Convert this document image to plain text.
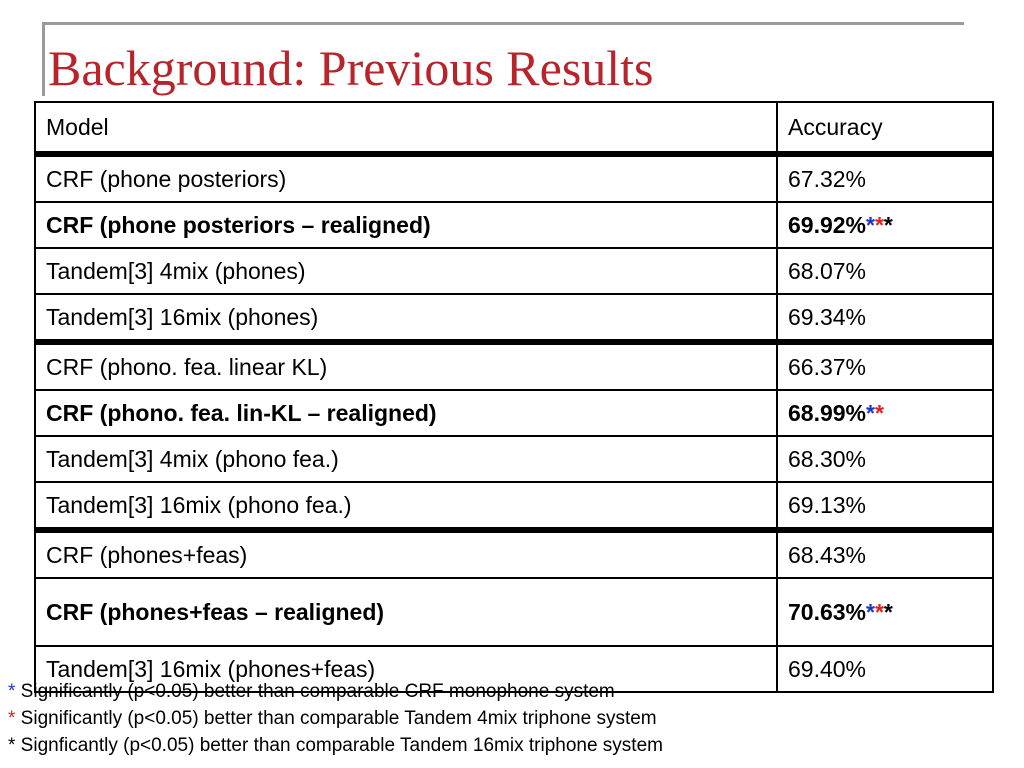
Background: Previous Results
Model	Accuracy
CRF (phone posteriors)	67.32%
CRF (phone posteriors – realigned)	69.92%***
Tandem[3] 4mix (phones)	68.07%
Tandem[3] 16mix (phones)	69.34%
CRF (phono. fea. linear KL)	66.37%
CRF (phono. fea. lin-KL – realigned)	68.99%**
Tandem[3] 4mix (phono fea.)	68.30%
Tandem[3] 16mix (phono fea.)	69.13%
CRF (phones+feas)	68.43%
CRF (phones+feas – realigned)	70.63%***
Tandem[3] 16mix (phones+feas)	69.40%
* Significantly (p<0.05) better than comparable CRF monophone system
* Significantly (p<0.05) better than comparable Tandem 4mix triphone system
* Signficantly (p<0.05) better than comparable Tandem 16mix triphone system
